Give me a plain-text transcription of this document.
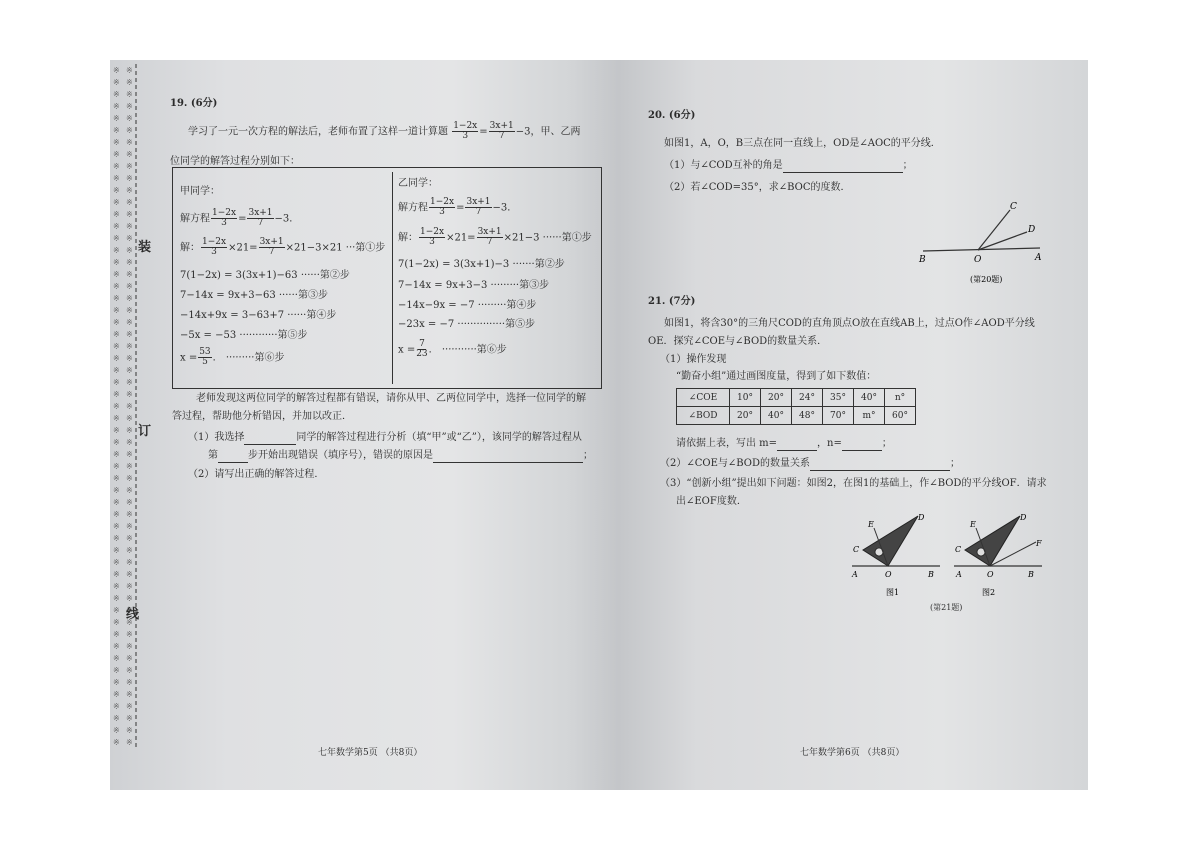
装
订
线
19. (6分)
学习了一元一次方程的解法后，老师布置了这样一道计算题 $\frac{1-2x}{3} = \frac{3x+1}{7} -3$，甲、乙两
位同学的解答过程分别如下：
甲同学：
解方程 $\frac{1-2x}{3} = \frac{3x+1}{7} -3$．
解： $\frac{1-2x}{3} \times 21= \frac{3x+1}{7} \times 21-3\times 21$ ···第①步
7(1−2x) = 3(3x+1)−63 ······第②步
7−14x = 9x+3−63 ······第③步
−14x+9x = 3−63+7 ······第④步
−5x = −53 ············第⑤步
$x = \frac{53}{5}$ ． ·········第⑥步
乙同学：
解方程 $\frac{1-2x}{3} = \frac{3x+1}{7} -3$．
解： $\frac{1-2x}{3} \times 21= \frac{3x+1}{7} \times 21-3$ ······第①步
7(1−2x) = 3(3x+1)−3 ·······第②步
7−14x = 9x+3−3 ·········第③步
−14x−9x = −7 ·········第④步
−23x = −7 ···············第⑤步
$x = \frac{7}{23}$ ． ···········第⑥步
老师发现这两位同学的解答过程都有错误，请你从甲、乙两位同学中，选择一位同学的解
答过程，帮助他分析错因，并加以改正．
（1）我选择	同学的解答过程进行分析（填“甲”或“乙”），该同学的解答过程从
第	步开始出现错误（填序号），错误的原因是	；
（2）请写出正确的解答过程．
20. (6分)
如图1，A，O，B三点在同一直线上，OD是∠AOC的平分线．
（1）与∠COD互补的角是	；
（2）若∠COD=35°，求∠BOC的度数．
B	O	A
C
D
(第20题)
21. (7分)
如图1，将含30°的三角尺COD的直角顶点O放在直线AB上，过点O作∠AOD平分线
OE．探究∠COE与∠BOD的数量关系．
（1）操作发现
“勤奋小组”通过画图度量，得到了如下数值：
∠COE	10°	20°	24°	35°	40°	n°
∠BOD	20°	40°	48°	70°	m°	60°
请依据上表，写出 m=	，n=	；
（2）∠COE与∠BOD的数量关系	；
（3）“创新小组”提出如下问题：如图2，在图1的基础上，作∠BOD的平分线OF．请求
出∠EOF度数．
E
D
C
A	O	B
图1
E
D
F
C
A	O	B
图2
(第21题)
七年数学第5页 （共8页）	七年数学第6页 （共8页）
